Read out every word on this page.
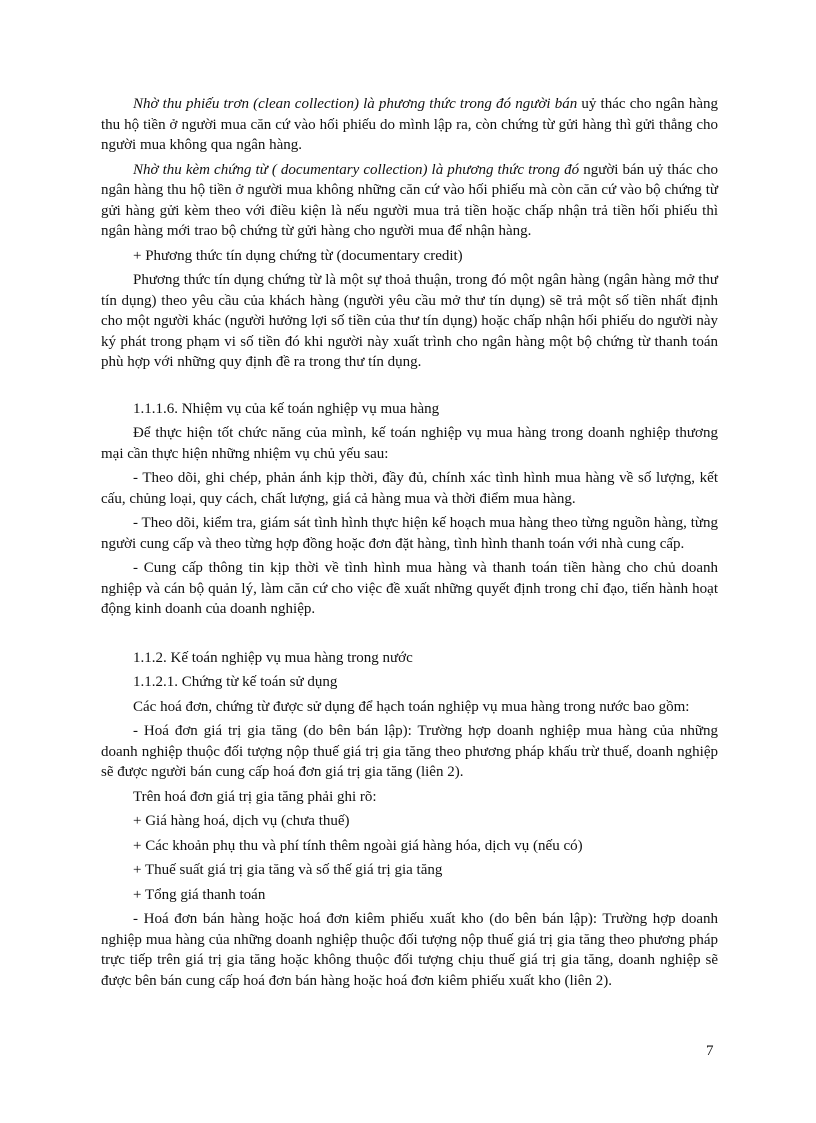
Nhờ thu phiếu trơn (clean collection) là phương thức trong đó người bán uỷ thác cho ngân hàng thu hộ tiền ở người mua căn cứ vào hối phiếu do mình lập ra, còn chứng từ gửi hàng thì gửi thẳng cho người mua không qua ngân hàng.

Nhờ thu kèm chứng từ ( documentary collection) là phương thức trong đó người bán uỷ thác cho ngân hàng thu hộ tiền ở người mua không những căn cứ vào hối phiếu mà còn căn cứ vào bộ chứng từ gửi hàng gửi kèm theo với điều kiện là nếu người mua trả tiền hoặc chấp nhận trả tiền hối phiếu thì ngân hàng mới trao bộ chứng từ gửi hàng cho người mua để nhận hàng.

+ Phương thức tín dụng chứng từ (documentary credit)

Phương thức tín dụng chứng từ là một sự thoả thuận, trong đó một ngân hàng (ngân hàng mở thư tín dụng) theo yêu cầu của khách hàng (người yêu cầu mở thư tín dụng) sẽ trả một số tiền nhất định cho một người khác (người hưởng lợi số tiền của thư tín dụng) hoặc chấp nhận hối phiếu do người này ký phát trong phạm vi số tiền đó khi người này xuất trình cho ngân hàng một bộ chứng từ thanh toán phù hợp với những quy định đề ra trong thư tín dụng.

1.1.1.6. Nhiệm vụ của kế toán nghiệp vụ mua hàng

Để thực hiện tốt chức năng của mình, kế toán nghiệp vụ mua hàng trong doanh nghiệp thương mại cần thực hiện những nhiệm vụ chủ yếu sau:

- Theo dõi, ghi chép, phản ánh kịp thời, đầy đủ, chính xác tình hình mua hàng về số lượng, kết cấu, chủng loại, quy cách, chất lượng, giá cả hàng mua và thời điểm mua hàng.

- Theo dõi, kiểm tra, giám sát tình hình thực hiện kế hoạch mua hàng theo từng nguồn hàng, từng người cung cấp và theo từng hợp đồng hoặc đơn đặt hàng, tình hình thanh toán với nhà cung cấp.

- Cung cấp thông tin kịp thời về tình hình mua hàng và thanh toán tiền hàng cho chủ doanh nghiệp và cán bộ quản lý, làm căn cứ cho việc đề xuất những quyết định trong chỉ đạo, tiến hành hoạt động kinh doanh của doanh nghiệp.

1.1.2. Kế toán nghiệp vụ mua hàng trong nước

1.1.2.1. Chứng từ kế toán sử dụng

Các hoá đơn, chứng từ được sử dụng để hạch toán nghiệp vụ mua hàng trong nước bao gồm:

- Hoá đơn giá trị gia tăng (do bên bán lập): Trường hợp doanh nghiệp mua hàng của những doanh nghiệp thuộc đối tượng nộp thuế giá trị gia tăng theo phương pháp khấu trừ thuế, doanh nghiệp sẽ được người bán cung cấp hoá đơn giá trị gia tăng (liên 2).

Trên hoá đơn giá trị gia tăng phải ghi rõ:

+ Giá hàng hoá, dịch vụ (chưa thuế)

+ Các khoản phụ thu và phí tính thêm ngoài giá hàng hóa, dịch vụ (nếu có)

+ Thuế suất giá trị gia tăng và số thế giá trị gia tăng

+ Tổng giá thanh toán

- Hoá đơn bán hàng hoặc hoá đơn kiêm phiếu xuất kho (do bên bán lập): Trường hợp doanh nghiệp mua hàng của những doanh nghiệp thuộc đối tượng nộp thuế giá trị gia tăng theo phương pháp trực tiếp trên giá trị gia tăng hoặc không thuộc đối tượng chịu thuế giá trị gia tăng, doanh nghiệp sẽ được bên bán cung cấp hoá đơn bán hàng hoặc hoá đơn kiêm phiếu xuất kho (liên 2).

7
